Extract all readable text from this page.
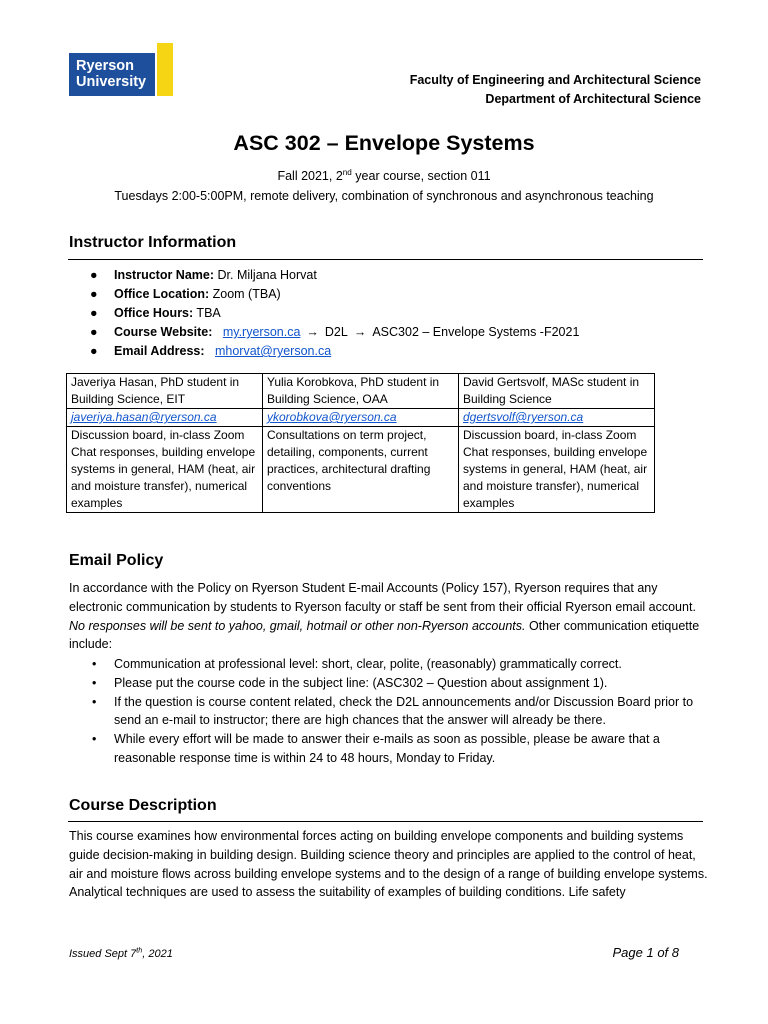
Ryerson
University	Faculty of Engineering and Architectural Science
Department of Architectural Science
ASC 302 – Envelope Systems
Fall 2021, 2nd year course, section 011
Tuesdays 2:00-5:00PM, remote delivery, combination of synchronous and asynchronous teaching
Instructor Information
● Instructor Name: Dr. Miljana Horvat
● Office Location: Zoom (TBA)
● Office Hours: TBA
● Course Website: my.ryerson.ca → D2L → ASC302 – Envelope Systems -F2021
● Email Address: mhorvat@ryerson.ca
Javeriya Hasan, PhD student in Building Science, EIT	Yulia Korobkova, PhD student in Building Science, OAA	David Gertsvolf, MASc student in Building Science
javeriya.hasan@ryerson.ca	ykorobkova@ryerson.ca	dgertsvolf@ryerson.ca
Discussion board, in-class Zoom Chat responses, building envelope systems in general, HAM (heat, air and moisture transfer), numerical examples	Consultations on term project, detailing, components, current practices, architectural drafting conventions	Discussion board, in-class Zoom Chat responses, building envelope systems in general, HAM (heat, air and moisture transfer), numerical examples
Email Policy
In accordance with the Policy on Ryerson Student E-mail Accounts (Policy 157), Ryerson requires that any electronic communication by students to Ryerson faculty or staff be sent from their official Ryerson email account. No responses will be sent to yahoo, gmail, hotmail or other non-Ryerson accounts. Other communication etiquette include:
• Communication at professional level: short, clear, polite, (reasonably) grammatically correct.
• Please put the course code in the subject line: (ASC302 – Question about assignment 1).
• If the question is course content related, check the D2L announcements and/or Discussion Board prior to send an e-mail to instructor; there are high chances that the answer will already be there.
• While every effort will be made to answer their e-mails as soon as possible, please be aware that a reasonable response time is within 24 to 48 hours, Monday to Friday.
Course Description
This course examines how environmental forces acting on building envelope components and building systems guide decision-making in building design. Building science theory and principles are applied to the control of heat, air and moisture flows across building envelope systems and to the design of a range of building envelope systems. Analytical techniques are used to assess the suitability of examples of building conditions. Life safety
Issued Sept 7th, 2021	Page 1 of 8
